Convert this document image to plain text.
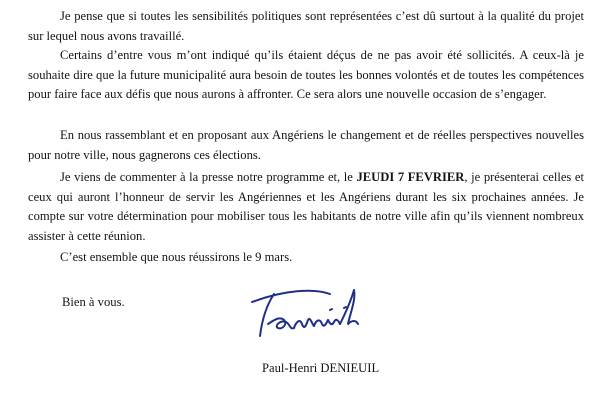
Je pense que si toutes les sensibilités politiques sont représentées c’est dû surtout à la qualité du projet sur lequel nous avons travaillé.

Certains d’entre vous m’ont indiqué qu’ils étaient déçus de ne pas avoir été sollicités. A ceux-là je souhaite dire que la future municipalité aura besoin de toutes les bonnes volontés et de toutes les compétences pour faire face aux défis que nous aurons à affronter. Ce sera alors une nouvelle occasion de s’engager.

En nous rassemblant et en proposant aux Angériens le changement et de réelles perspectives nouvelles pour notre ville, nous gagnerons ces élections.

Je viens de commenter à la presse notre programme et, le JEUDI 7 FEVRIER, je présenterai celles et ceux qui auront l’honneur de servir les Angériennes et les Angériens durant les six prochaines années. Je compte sur votre détermination pour mobiliser tous les habitants de notre ville afin qu’ils viennent nombreux assister à cette réunion.

C’est ensemble que nous réussirons le 9 mars.

Bien à vous.

Paul-Henri DENIEUIL
